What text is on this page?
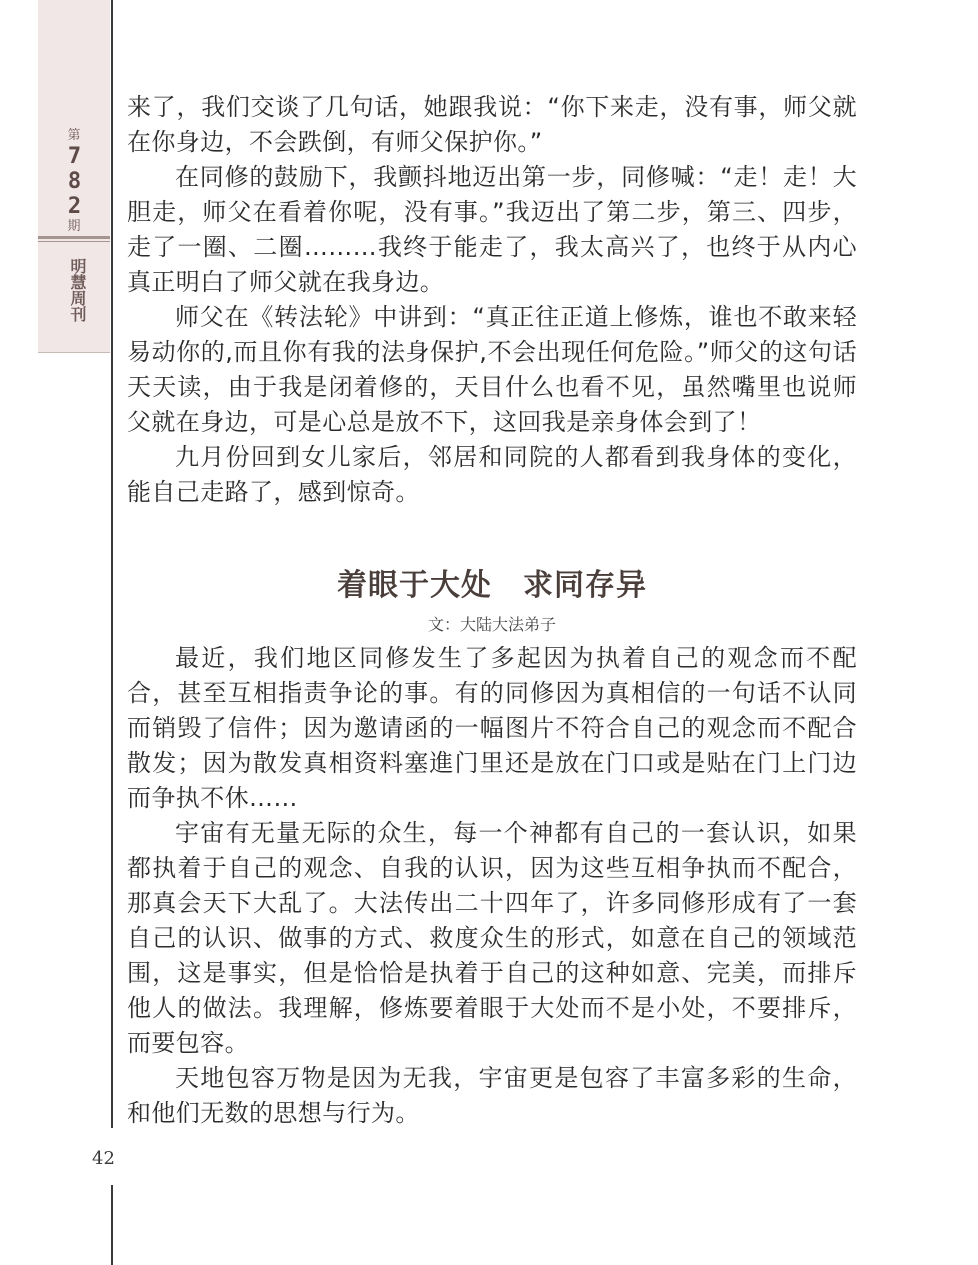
第
782
期
明慧周刊
42

来了，我们交谈了几句话，她跟我说：“你下来走，没有事，师父就在你身边，不会跌倒，有师父保护你。”

在同修的鼓励下，我颤抖地迈出第一步，同修喊：“走！走！大胆走，师父在看着你呢，没有事。”我迈出了第二步，第三、四步，走了一圈、二圈………我终于能走了，我太高兴了，也终于从内心真正明白了师父就在我身边。

师父在《转法轮》中讲到：“真正往正道上修炼，谁也不敢来轻易动你的,而且你有我的法身保护,不会出现任何危险。”师父的这句话天天读，由于我是闭着修的，天目什么也看不见，虽然嘴里也说师父就在身边，可是心总是放不下，这回我是亲身体会到了！

九月份回到女儿家后，邻居和同院的人都看到我身体的变化，能自己走路了，感到惊奇。

着眼于大处　求同存异
文：大陆大法弟子

最近，我们地区同修发生了多起因为执着自己的观念而不配合，甚至互相指责争论的事。有的同修因为真相信的一句话不认同而销毁了信件；因为邀请函的一幅图片不符合自己的观念而不配合散发；因为散发真相资料塞進门里还是放在门口或是贴在门上门边而争执不休……

宇宙有无量无际的众生，每一个神都有自己的一套认识，如果都执着于自己的观念、自我的认识，因为这些互相争执而不配合，那真会天下大乱了。大法传出二十四年了，许多同修形成有了一套自己的认识、做事的方式、救度众生的形式，如意在自己的领域范围，这是事实，但是恰恰是执着于自己的这种如意、完美，而排斥他人的做法。我理解，修炼要着眼于大处而不是小处，不要排斥，而要包容。

天地包容万物是因为无我，宇宙更是包容了丰富多彩的生命，和他们无数的思想与行为。
